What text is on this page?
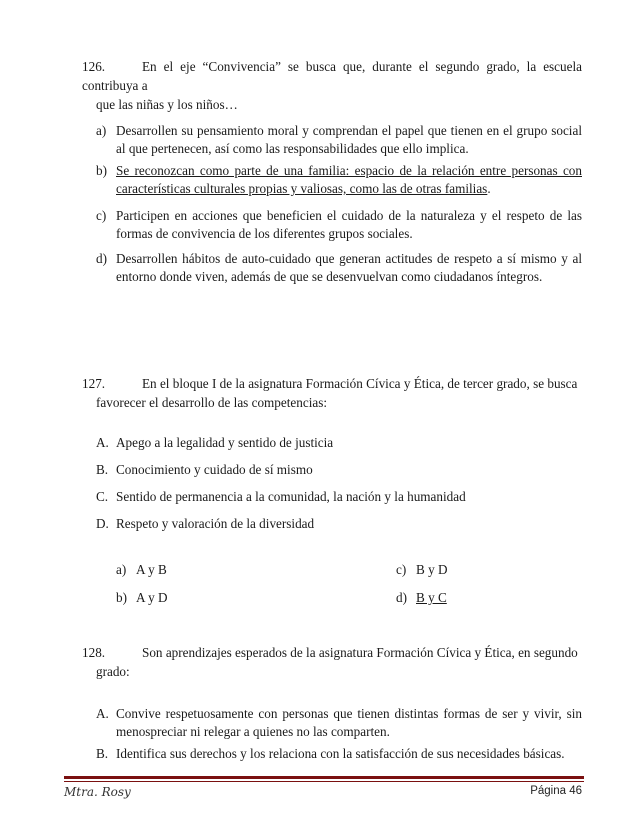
126.	En el eje “Convivencia” se busca que, durante el segundo grado, la escuela contribuya a
que las niñas y los niños…
a) Desarrollen su pensamiento moral y comprendan el papel que tienen en el grupo social al que pertenecen, así como las responsabilidades que ello implica.
b) Se reconozcan como parte de una familia: espacio de la relación entre personas con características culturales propias y valiosas, como las de otras familias.
c) Participen en acciones que beneficien el cuidado de la naturaleza y el respeto de las formas de convivencia de los diferentes grupos sociales.
d) Desarrollen hábitos de auto-cuidado que generan actitudes de respeto a sí mismo y al entorno donde viven, además de que se desenvuelvan como ciudadanos íntegros.
127.	En el bloque I de la asignatura Formación Cívica y Ética, de tercer grado, se busca
favorecer el desarrollo de las competencias:
A. Apego a la legalidad y sentido de justicia
B. Conocimiento y cuidado de sí mismo
C. Sentido de permanencia a la comunidad, la nación y la humanidad
D. Respeto y valoración de la diversidad
a) A y B
b) A y D
c) B y D
d) B y C
128.	Son aprendizajes esperados de la asignatura Formación Cívica y Ética, en segundo
grado:
A. Convive respetuosamente con personas que tienen distintas formas de ser y vivir, sin menospreciar ni relegar a quienes no las comparten.
B. Identifica sus derechos y los relaciona con la satisfacción de sus necesidades básicas.
Mtra. Rosy	Página 46
